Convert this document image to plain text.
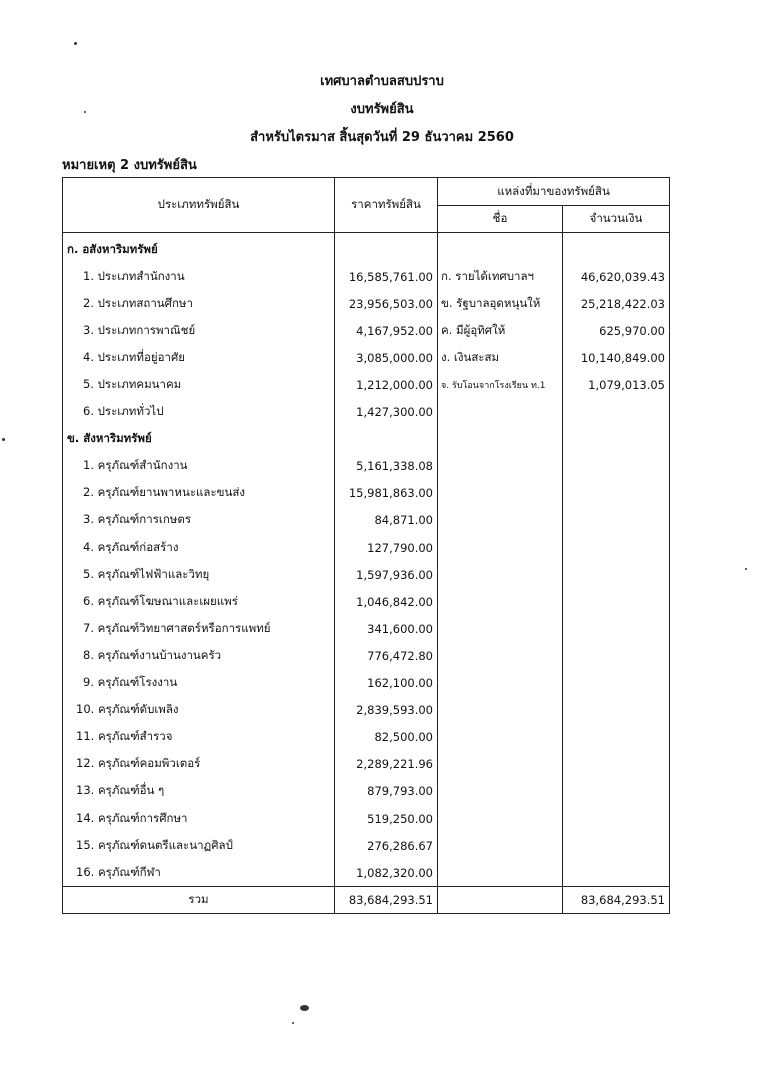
เทศบาลตำบลสบปราบ
งบทรัพย์สิน
สำหรับไตรมาส สิ้นสุดวันที่ 29 ธันวาคม 2560
หมายเหตุ 2 งบทรัพย์สิน
ประเภททรัพย์สิน	ราคาทรัพย์สิน	แหล่งที่มาของทรัพย์สิน	
		ชื่อ	จำนวนเงิน
ก. อสังหาริมทรัพย์			
1. ประเภทสำนักงาน	16,585,761.00	ก. รายได้เทศบาลฯ	46,620,039.43
2. ประเภทสถานศึกษา	23,956,503.00	ข. รัฐบาลอุดหนุนให้	25,218,422.03
3. ประเภทการพาณิชย์	4,167,952.00	ค. มีผู้อุทิศให้	625,970.00
4. ประเภทที่อยู่อาศัย	3,085,000.00	ง. เงินสะสม	10,140,849.00
5. ประเภทคมนาคม	1,212,000.00	จ. รับโอนจากโรงเรียน ท.1	1,079,013.05
6. ประเภททั่วไป	1,427,300.00		
ข. สังหาริมทรัพย์			
1. ครุภัณฑ์สำนักงาน	5,161,338.08		
2. ครุภัณฑ์ยานพาหนะและขนส่ง	15,981,863.00		
3. ครุภัณฑ์การเกษตร	84,871.00		
4. ครุภัณฑ์ก่อสร้าง	127,790.00		
5. ครุภัณฑ์ไฟฟ้าและวิทยุ	1,597,936.00		
6. ครุภัณฑ์โฆษณาและเผยแพร่	1,046,842.00		
7. ครุภัณฑ์วิทยาศาสตร์หรือการแพทย์	341,600.00		
8. ครุภัณฑ์งานบ้านงานครัว	776,472.80		
9. ครุภัณฑ์โรงงาน	162,100.00		
10. ครุภัณฑ์ดับเพลิง	2,839,593.00		
11. ครุภัณฑ์สำรวจ	82,500.00		
12. ครุภัณฑ์คอมพิวเตอร์	2,289,221.96		
13. ครุภัณฑ์อื่น ๆ	879,793.00		
14. ครุภัณฑ์การศึกษา	519,250.00		
15. ครุภัณฑ์ดนตรีและนาฏศิลป์	276,286.67		
16. ครุภัณฑ์กีฬา	1,082,320.00		
รวม	83,684,293.51		83,684,293.51
